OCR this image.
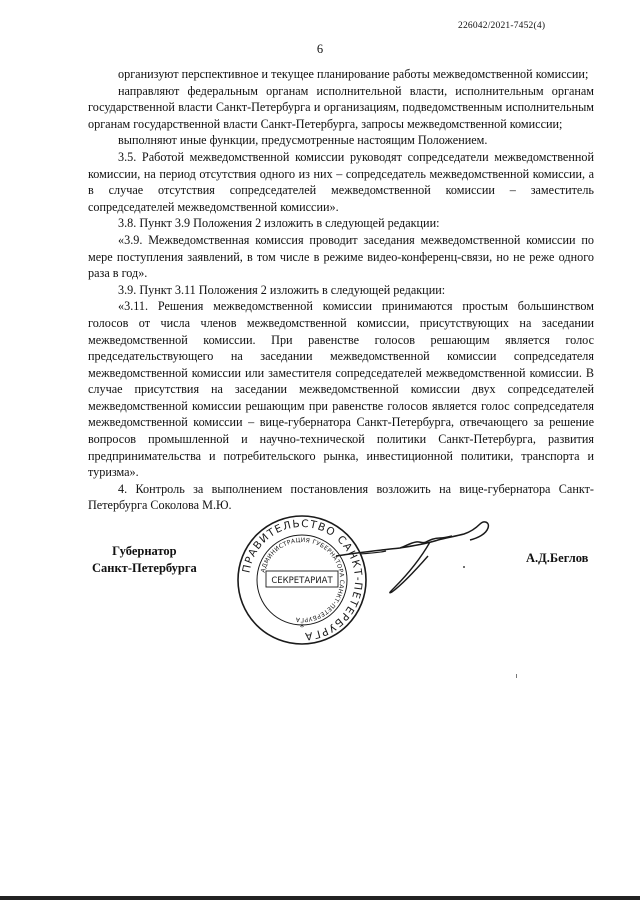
226042/2021-7452(4)
6

организуют перспективное и текущее планирование работы межведомственной комиссии;

направляют федеральным органам исполнительной власти, исполнительным органам государственной власти Санкт-Петербурга и организациям, подведомственным исполнительным органам государственной власти Санкт-Петербурга, запросы межведомственной комиссии;

выполняют иные функции, предусмотренные настоящим Положением.

3.5. Работой межведомственной комиссии руководят сопредседатели межведомственной комиссии, на период отсутствия одного из них – сопредседатель межведомственной комиссии, а в случае отсутствия сопредседателей межведомственной комиссии – заместитель сопредседателей межведомственной комиссии».

3.8. Пункт 3.9 Положения 2 изложить в следующей редакции:

«3.9. Межведомственная комиссия проводит заседания межведомственной комиссии по мере поступления заявлений, в том числе в режиме видео-конференц-связи, но не реже одного раза в год».

3.9. Пункт 3.11 Положения 2 изложить в следующей редакции:

«3.11. Решения межведомственной комиссии принимаются простым большинством голосов от числа членов межведомственной комиссии, присутствующих на заседании межведомственной комиссии. При равенстве голосов решающим является голос председательствующего на заседании межведомственной комиссии сопредседателя межведомственной комиссии или заместителя сопредседателей межведомственной комиссии. В случае присутствия на заседании межведомственной комиссии двух сопредседателей межведомственной комиссии решающим при равенстве голосов является голос сопредседателя межведомственной комиссии – вице-губернатора Санкт-Петербурга, отвечающего за решение вопросов промышленной и научно-технической политики Санкт-Петербурга, развития предпринимательства и потребительского рынка, инвестиционной политики, транспорта и туризма».

4. Контроль за выполнением постановления возложить на вице-губернатора Санкт-Петербурга Соколова М.Ю.

Губернатор
Санкт-Петербурга	ПРАВИТЕЛЬСТВО САНКТ-ПЕТЕРБУРГА
АДМИНИСТРАЦИЯ ГУБЕРНАТОРА САНКТ-ПЕТЕРБУРГА
СЕКРЕТАРИАТ
*
А.Д.Беглов
